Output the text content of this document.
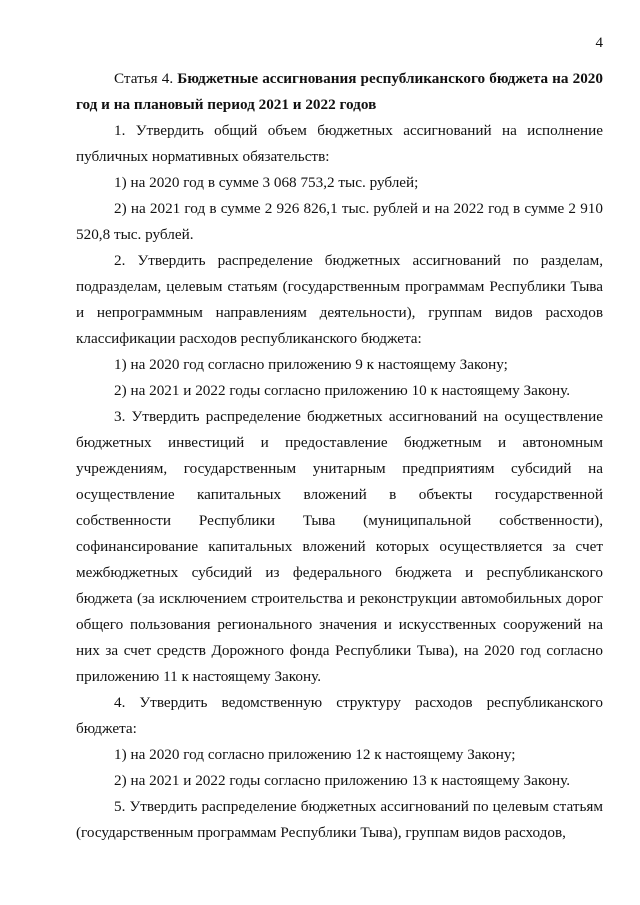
4

Статья 4. Бюджетные ассигнования республиканского бюджета на 2020 год и на плановый период 2021 и 2022 годов

1. Утвердить общий объем бюджетных ассигнований на исполнение публичных нормативных обязательств:

1) на 2020 год в сумме 3 068 753,2 тыс. рублей;

2) на 2021 год в сумме 2 926 826,1 тыс. рублей и на 2022 год в сумме 2 910 520,8 тыс. рублей.

2. Утвердить распределение бюджетных ассигнований по разделам, подразделам, целевым статьям (государственным программам Республики Тыва и непрограммным направлениям деятельности), группам видов расходов классификации расходов республиканского бюджета:

1) на 2020 год согласно приложению 9 к настоящему Закону;

2) на 2021 и 2022 годы согласно приложению 10 к настоящему Закону.

3. Утвердить распределение бюджетных ассигнований на осуществление бюджетных инвестиций и предоставление бюджетным и автономным учреждениям, государственным унитарным предприятиям субсидий на осуществление капитальных вложений в объекты государственной собственности Республики Тыва (муниципальной собственности), софинансирование капитальных вложений которых осуществляется за счет межбюджетных субсидий из федерального бюджета и республиканского бюджета (за исключением строительства и реконструкции автомобильных дорог общего пользования регионального значения и искусственных сооружений на них за счет средств Дорожного фонда Республики Тыва), на 2020 год согласно приложению 11 к настоящему Закону.

4. Утвердить ведомственную структуру расходов республиканского бюджета:

1) на 2020 год согласно приложению 12 к настоящему Закону;

2) на 2021 и 2022 годы согласно приложению 13 к настоящему Закону.

5. Утвердить распределение бюджетных ассигнований по целевым статьям (государственным программам Республики Тыва), группам видов расходов,
